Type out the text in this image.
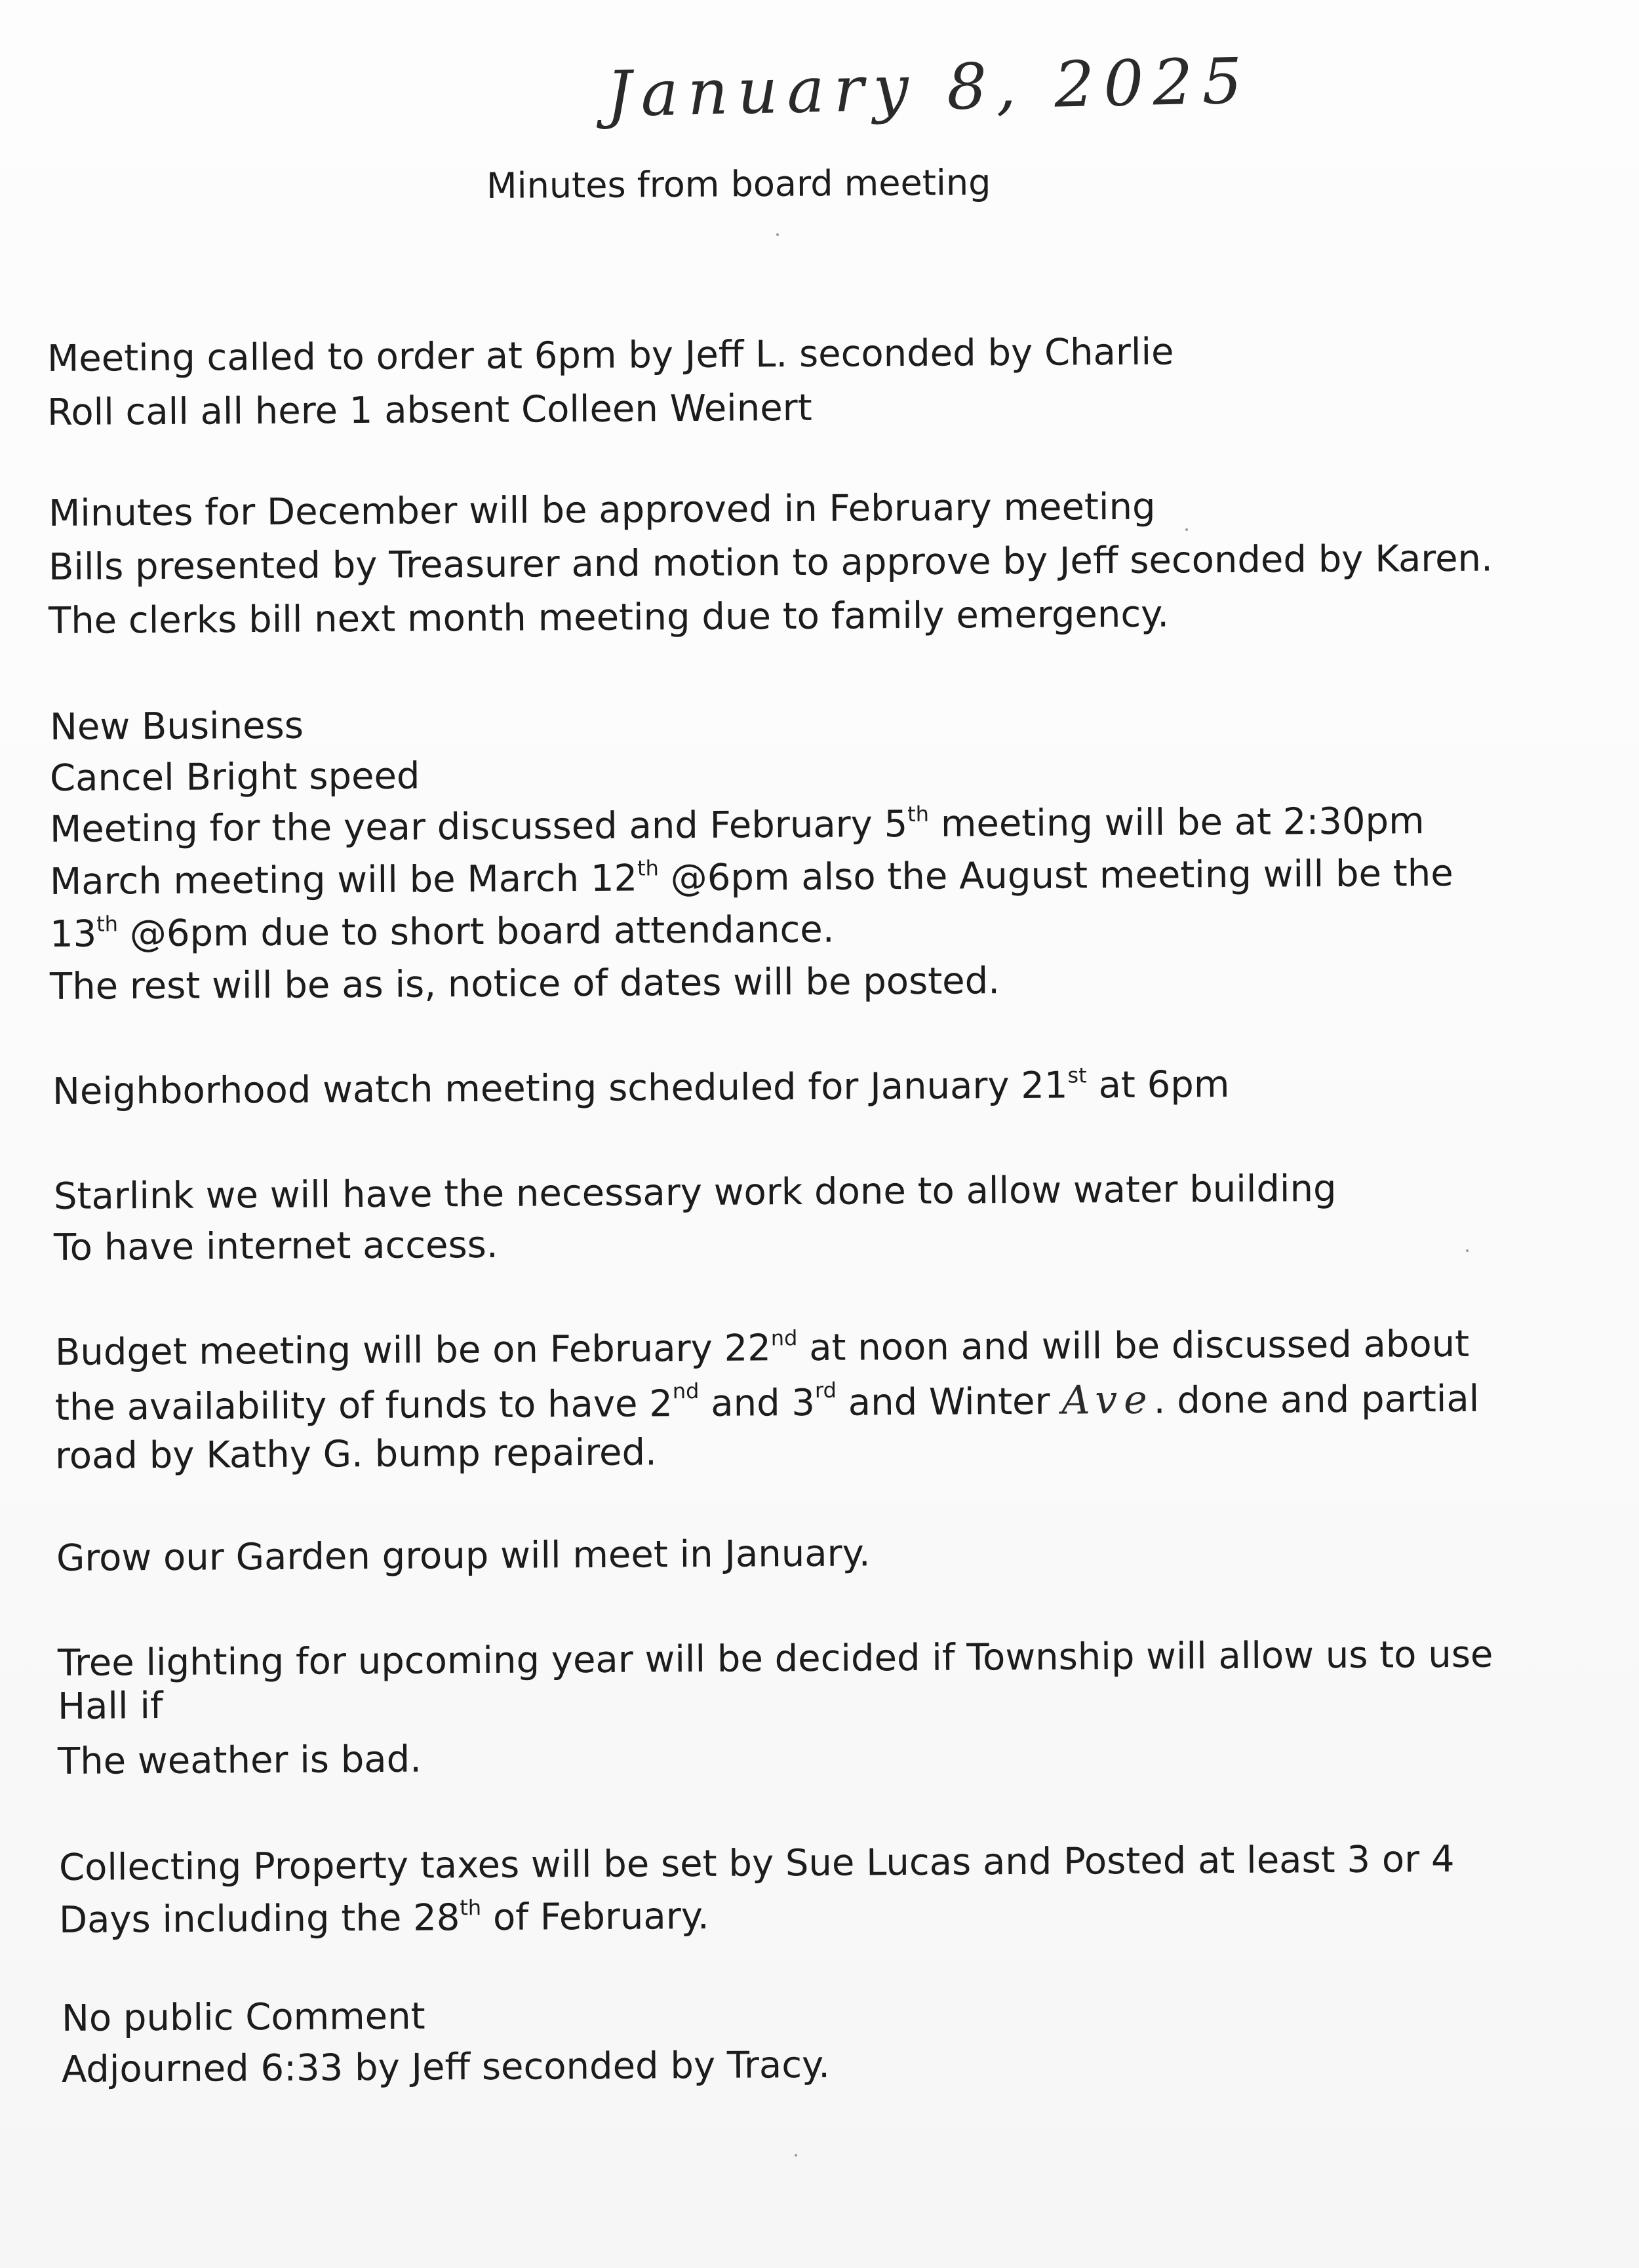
January 8, 2025
Minutes from board meeting
Meeting called to order at 6pm by Jeff L. seconded by Charlie
Roll call all here 1 absent Colleen Weinert
Minutes for December will be approved in February meeting
Bills presented by Treasurer and motion to approve by Jeff seconded by Karen.
The clerks bill next month meeting due to family emergency.
New Business
Cancel Bright speed
Meeting for the year discussed and February 5th meeting will be at 2:30pm
March meeting will be March 12th @6pm also the August meeting will be the
13th @6pm due to short board attendance.
The rest will be as is, notice of dates will be posted.
Neighborhood watch meeting scheduled for January 21st at 6pm
Starlink we will have the necessary work done to allow water building
To have internet access.
Budget meeting will be on February 22nd at noon and will be discussed about
the availability of funds to have 2nd and 3rd and Winter Ave. done and partial
road by Kathy G. bump repaired.
Grow our Garden group will meet in January.
Tree lighting for upcoming year will be decided if Township will allow us to use
Hall if
The weather is bad.
Collecting Property taxes will be set by Sue Lucas and Posted at least 3 or 4
Days including the 28th of February.
No public Comment
Adjourned 6:33 by Jeff seconded by Tracy.
